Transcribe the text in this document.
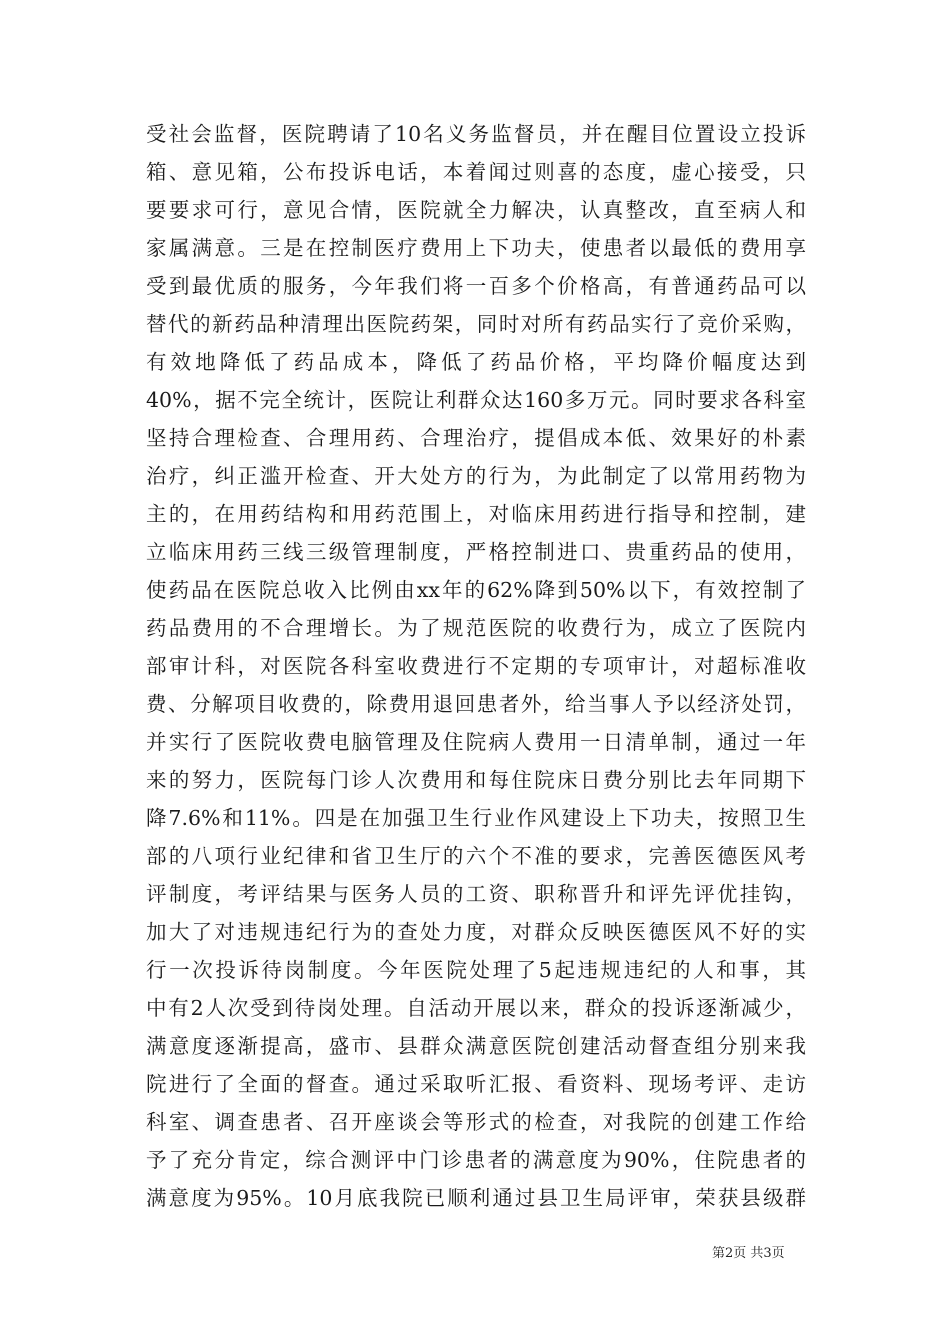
受社会监督，医院聘请了10名义务监督员，并在醒目位置设立投诉
箱、意见箱，公布投诉电话，本着闻过则喜的态度，虚心接受，只
要要求可行，意见合情，医院就全力解决，认真整改，直至病人和
家属满意。三是在控制医疗费用上下功夫，使患者以最低的费用享
受到最优质的服务，今年我们将一百多个价格高，有普通药品可以
替代的新药品种清理出医院药架，同时对所有药品实行了竞价采购，
有效地降低了药品成本，降低了药品价格，平均降价幅度达到
40%，据不完全统计，医院让利群众达160多万元。同时要求各科室
坚持合理检查、合理用药、合理治疗，提倡成本低、效果好的朴素
治疗，纠正滥开检查、开大处方的行为，为此制定了以常用药物为
主的，在用药结构和用药范围上，对临床用药进行指导和控制，建
立临床用药三线三级管理制度，严格控制进口、贵重药品的使用，
使药品在医院总收入比例由xx年的62%降到50%以下，有效控制了
药品费用的不合理增长。为了规范医院的收费行为，成立了医院内
部审计科，对医院各科室收费进行不定期的专项审计，对超标准收
费、分解项目收费的，除费用退回患者外，给当事人予以经济处罚，
并实行了医院收费电脑管理及住院病人费用一日清单制，通过一年
来的努力，医院每门诊人次费用和每住院床日费分别比去年同期下
降7.6%和11%。四是在加强卫生行业作风建设上下功夫，按照卫生
部的八项行业纪律和省卫生厅的六个不准的要求，完善医德医风考
评制度，考评结果与医务人员的工资、职称晋升和评先评优挂钩，
加大了对违规违纪行为的查处力度，对群众反映医德医风不好的实
行一次投诉待岗制度。今年医院处理了5起违规违纪的人和事，其
中有2人次受到待岗处理。自活动开展以来，群众的投诉逐渐减少，
满意度逐渐提高，盛市、县群众满意医院创建活动督查组分别来我
院进行了全面的督查。通过采取听汇报、看资料、现场考评、走访
科室、调查患者、召开座谈会等形式的检查，对我院的创建工作给
予了充分肯定，综合测评中门诊患者的满意度为90%，住院患者的
满意度为95%。10月底我院已顺利通过县卫生局评审，荣获县级群
第2页 共3页
